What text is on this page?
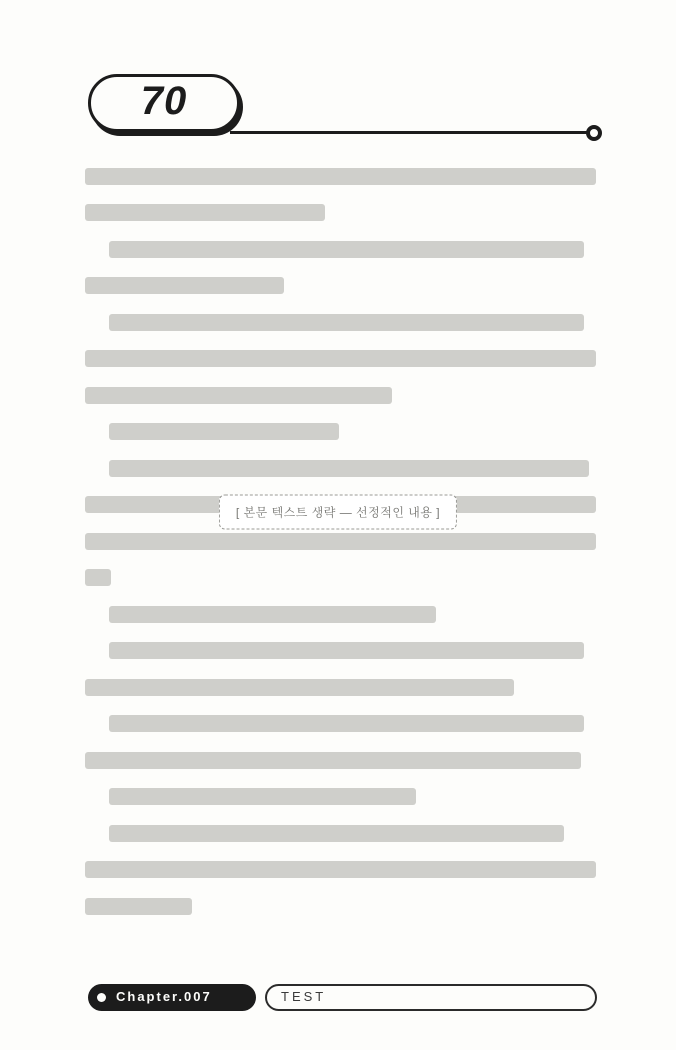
70
[ 본문 텍스트 생략 — 선정적인 내용 ]
Chapter.007	TEST
